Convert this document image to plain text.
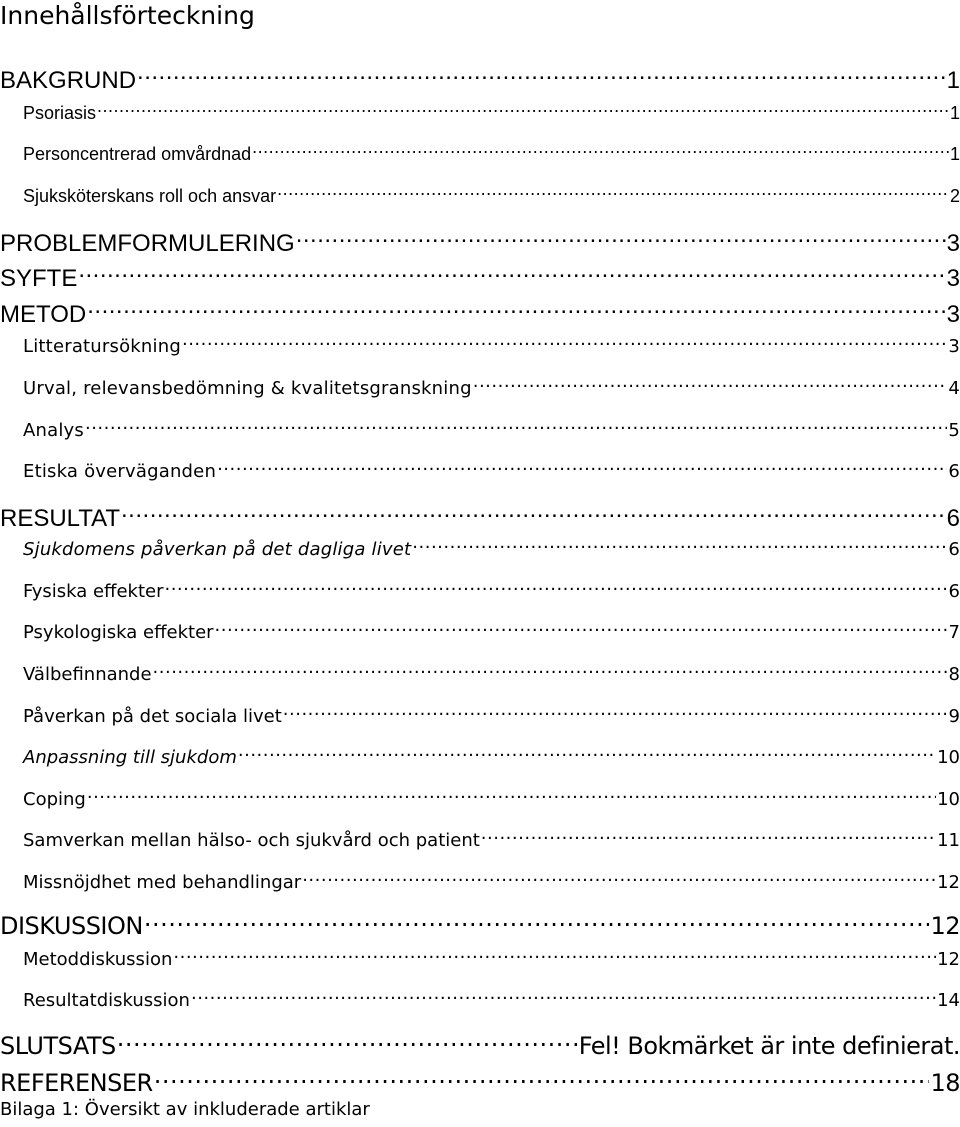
Innehållsförteckning
BAKGRUND .....	1
Psoriasis .....	1
Personcentrerad omvårdnad .....	1
Sjuksköterskans roll och ansvar .....	2
PROBLEMFORMULERING .....	3
SYFTE .....	3
METOD .....	3
Litteratursökning .....	3
Urval, relevansbedömning & kvalitetsgranskning .....	4
Analys .....	5
Etiska överväganden .....	6
RESULTAT .....	6
Sjukdomens påverkan på det dagliga livet .....	6
Fysiska effekter .....	6
Psykologiska effekter .....	7
Välbefinnande .....	8
Påverkan på det sociala livet .....	9
Anpassning till sjukdom .....	10
Coping .....	10
Samverkan mellan hälso- och sjukvård och patient .....	11
Missnöjdhet med behandlingar .....	12
DISKUSSION .....	12
Metoddiskussion .....	12
Resultatdiskussion .....	14
SLUTSATS .....	Fel! Bokmärket är inte definierat.
REFERENSER .....	18
Bilaga 1: Översikt av inkluderade artiklar
